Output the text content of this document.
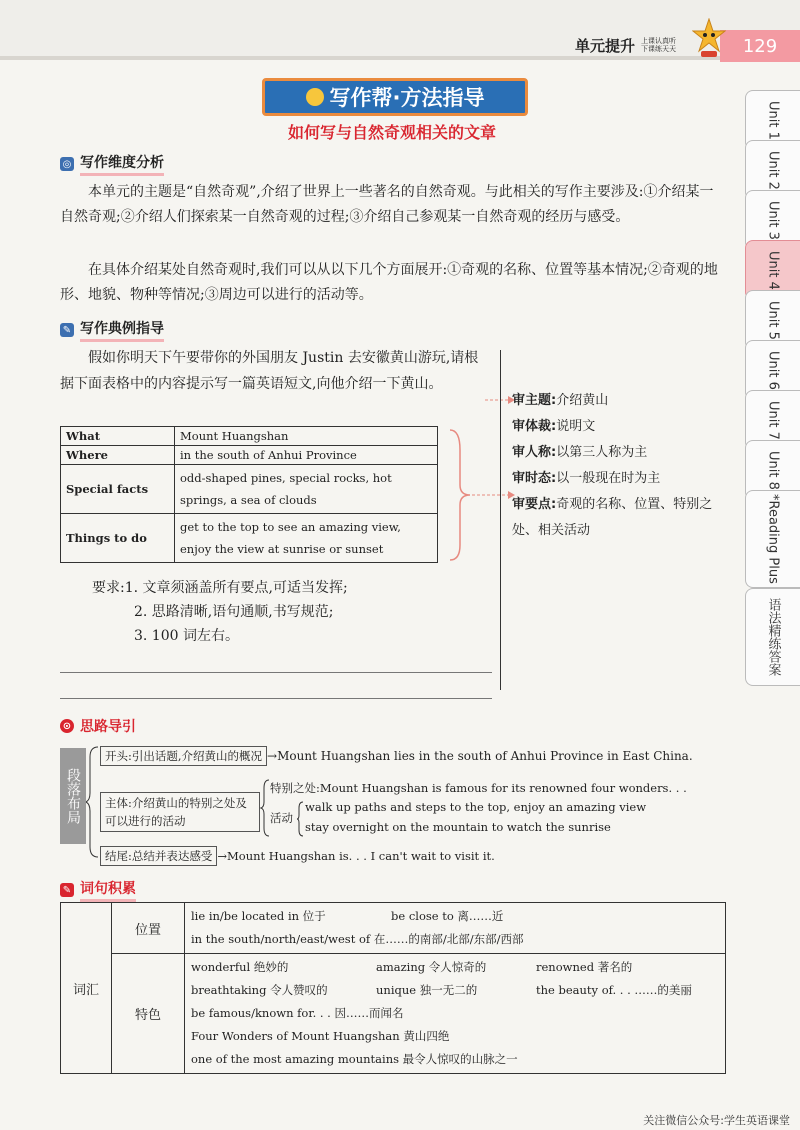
单元提升 上课认真听
下课练天天	129
写作帮·方法指导
如何写与自然奇观相关的文章
◎ 写作维度分析
本单元的主题是“自然奇观”,介绍了世界上一些著名的自然奇观。与此相关的写作主要涉及:①介绍某一自然奇观;②介绍人们探索某一自然奇观的过程;③介绍自己参观某一自然奇观的经历与感受。
在具体介绍某处自然奇观时,我们可以从以下几个方面展开:①奇观的名称、位置等基本情况;②奇观的地形、地貌、物种等情况;③周边可以进行的活动等。
✎ 写作典例指导
假如你明天下午要带你的外国朋友 Justin 去安徽黄山游玩,请根据下面表格中的内容提示写一篇英语短文,向他介绍一下黄山。
What	Mount Huangshan
Where	in the south of Anhui Province
Special facts	odd-shaped pines, special rocks, hot springs, a sea of clouds
Things to do	get to the top to see an amazing view, enjoy the view at sunrise or sunset
审主题:介绍黄山
审体裁:说明文
审人称:以第三人称为主
审时态:以一般现在时为主
审要点:奇观的名称、位置、特别之处、相关活动
要求:1. 文章须涵盖所有要点,可适当发挥;
2. 思路清晰,语句通顺,书写规范;
3. 100 词左右。
Unit 1
Unit 2
Unit 3
Unit 4
Unit 5
Unit 6
Unit 7
Unit 8
*Reading Plus
语法精练答案
⊙ 思路导引
段落布局
开头:引出话题,介绍黄山的概况 →Mount Huangshan lies in the south of Anhui Province in East China.
主体:介绍黄山的特别之处及可以进行的活动
特别之处:Mount Huangshan is famous for its renowned four wonders. . .
活动
walk up paths and steps to the top, enjoy an amazing view
stay overnight on the mountain to watch the sunrise
结尾:总结并表达感受 →Mount Huangshan is. . . I can't wait to visit it.
✎ 词句积累
词汇	位置	lie in/be located in 位于 be close to 离……近
in the south/north/east/west of 在……的南部/北部/东部/西部

	特色	wonderful 绝妙的 amazing 令人惊奇的 renowned 著名的
breathtaking 令人赞叹的 unique 独一无二的 the beauty of. . . ……的美丽
be famous/known for. . . 因……而闻名
Four Wonders of Mount Huangshan 黄山四绝
one of the most amazing mountains 最令人惊叹的山脉之一
关注微信公众号:学生英语课堂
